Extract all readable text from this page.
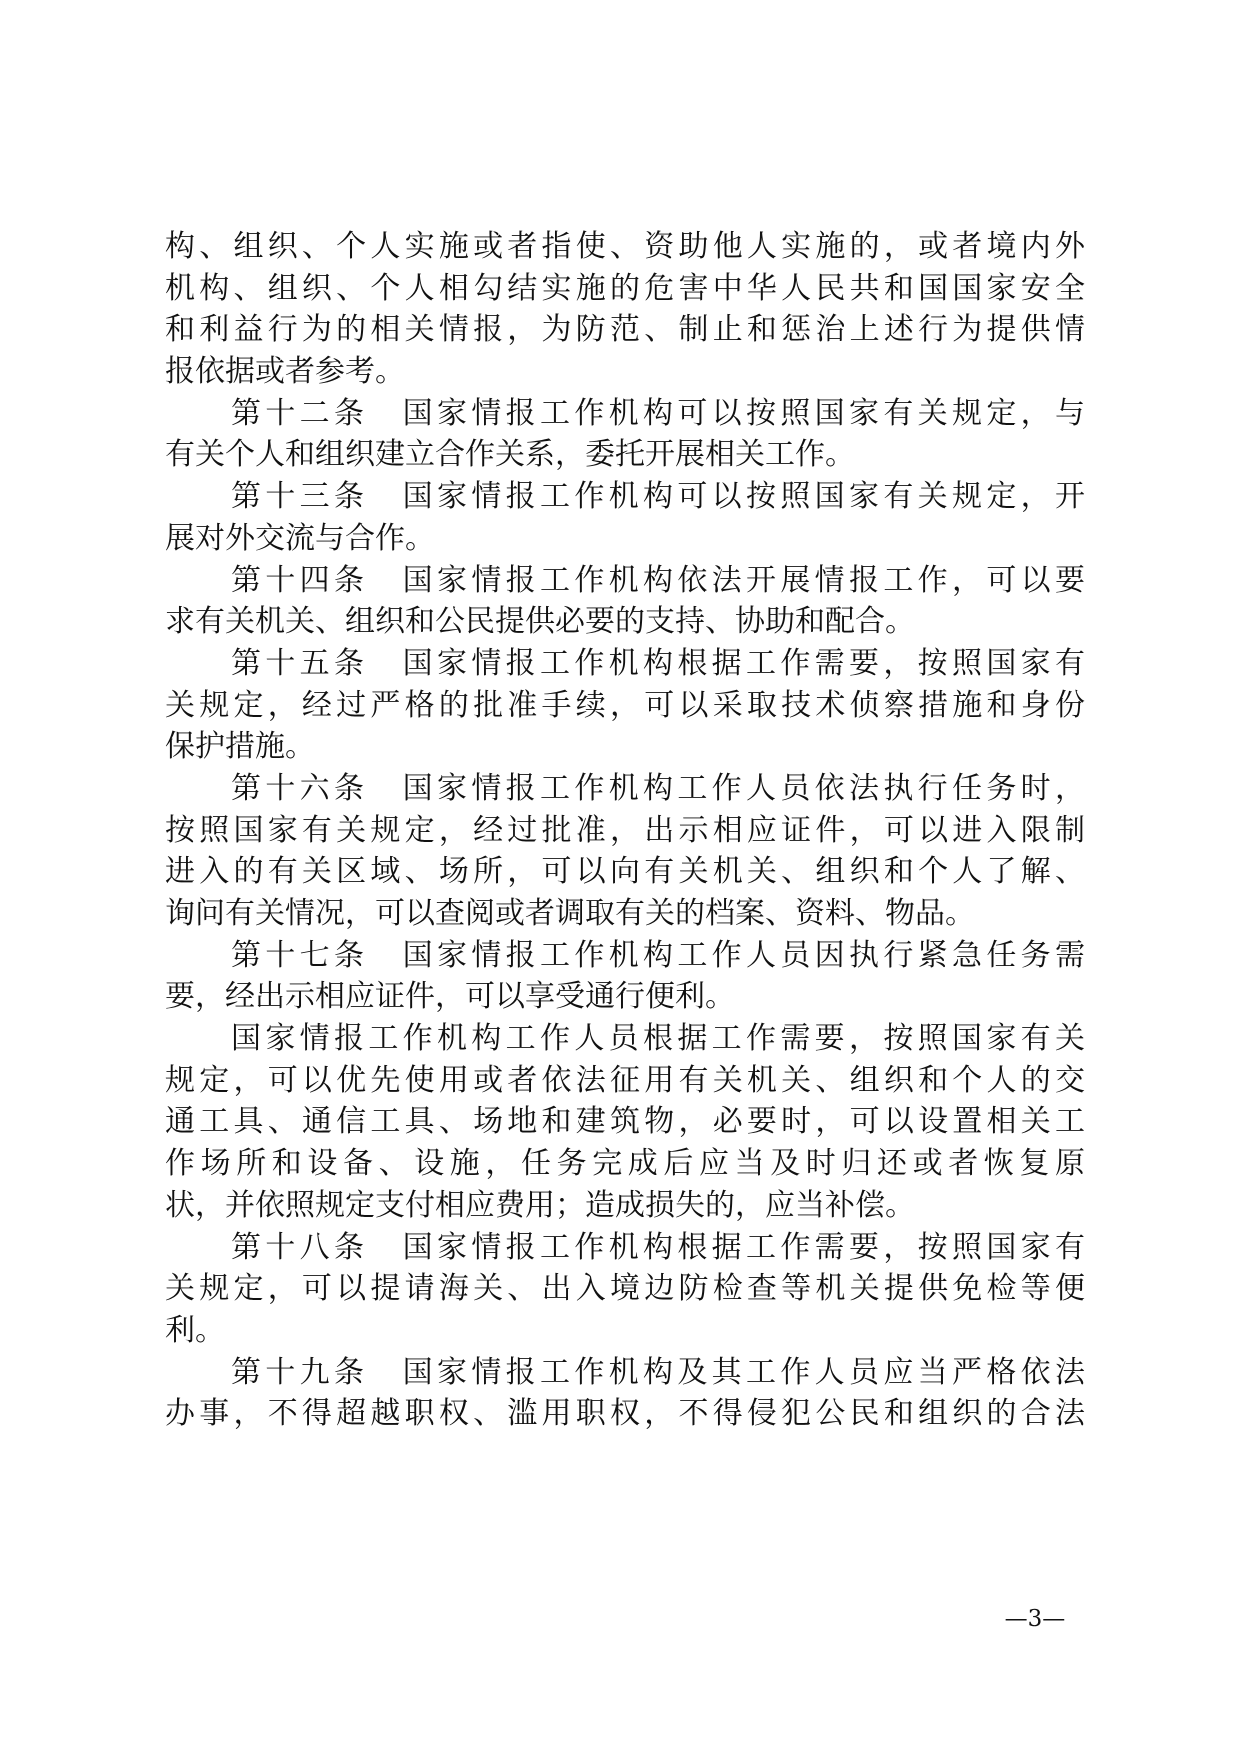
构、组织、个人实施或者指使、资助他人实施的，或者境内外
机构、组织、个人相勾结实施的危害中华人民共和国国家安全
和利益行为的相关情报，为防范、制止和惩治上述行为提供情
报依据或者参考。
第十二条　国家情报工作机构可以按照国家有关规定，与
有关个人和组织建立合作关系，委托开展相关工作。
第十三条　国家情报工作机构可以按照国家有关规定，开
展对外交流与合作。
第十四条　国家情报工作机构依法开展情报工作，可以要
求有关机关、组织和公民提供必要的支持、协助和配合。
第十五条　国家情报工作机构根据工作需要，按照国家有
关规定，经过严格的批准手续，可以采取技术侦察措施和身份
保护措施。
第十六条　国家情报工作机构工作人员依法执行任务时，
按照国家有关规定，经过批准，出示相应证件，可以进入限制
进入的有关区域、场所，可以向有关机关、组织和个人了解、
询问有关情况，可以查阅或者调取有关的档案、资料、物品。
第十七条　国家情报工作机构工作人员因执行紧急任务需
要，经出示相应证件，可以享受通行便利。
国家情报工作机构工作人员根据工作需要，按照国家有关
规定，可以优先使用或者依法征用有关机关、组织和个人的交
通工具、通信工具、场地和建筑物，必要时，可以设置相关工
作场所和设备、设施，任务完成后应当及时归还或者恢复原
状，并依照规定支付相应费用；造成损失的，应当补偿。
第十八条　国家情报工作机构根据工作需要，按照国家有
关规定，可以提请海关、出入境边防检查等机关提供免检等便
利。
第十九条　国家情报工作机构及其工作人员应当严格依法
办事，不得超越职权、滥用职权，不得侵犯公民和组织的合法
—3—
